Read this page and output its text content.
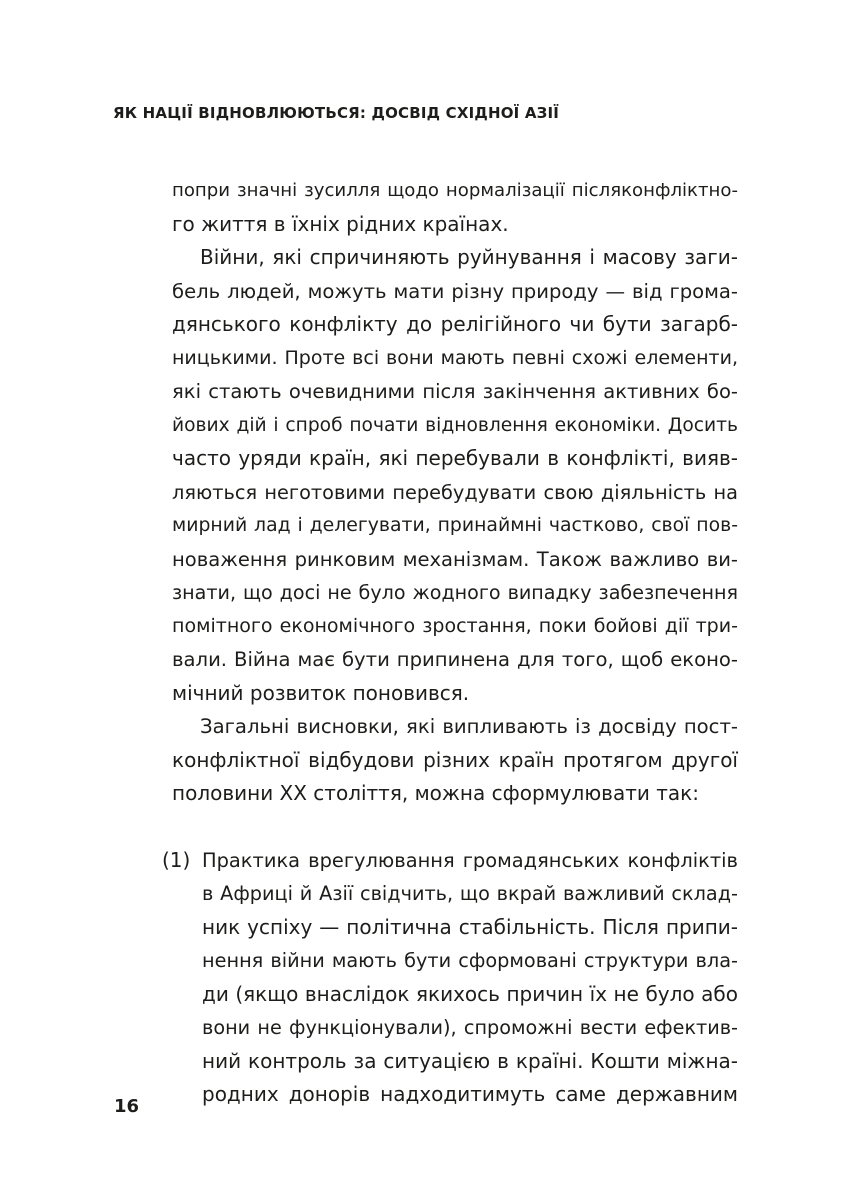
ЯК НАЦІЇ ВІДНОВЛЮЮТЬСЯ: ДОСВІД СХІДНОЇ АЗІЇ
попри значні зусилля щодо нормалізації післяконфліктно-
го життя в їхніх рідних країнах.
Війни, які спричиняють руйнування і масову заги-
бель людей, можуть мати різну природу — від грома-
дянського конфлікту до релігійного чи бути загарб-
ницькими. Проте всі вони мають певні схожі елементи,
які стають очевидними після закінчення активних бо-
йових дій і спроб почати відновлення економіки. Досить
часто уряди країн, які перебували в конфлікті, вияв-
ляються неготовими перебудувати свою діяльність на
мирний лад і делегувати, принаймні частково, свої пов-
новаження ринковим механізмам. Також важливо ви-
знати, що досі не було жодного випадку забезпечення
помітного економічного зростання, поки бойові дії три-
вали. Війна має бути припинена для того, щоб еконо-
мічний розвиток поновився.
Загальні висновки, які випливають із досвіду пост-
конфліктної відбудови різних країн протягом другої
половини XX століття, можна сформулювати так:
(1) Практика врегулювання громадянських конфліктів
в Африці й Азії свідчить, що вкрай важливий склад-
ник успіху — політична стабільність. Після припи-
нення війни мають бути сформовані структури вла-
ди (якщо внаслідок якихось причин їх не було або
вони не функціонували), спроможні вести ефектив-
ний контроль за ситуацією в країні. Кошти міжна-
родних донорів надходитимуть саме державним
16
